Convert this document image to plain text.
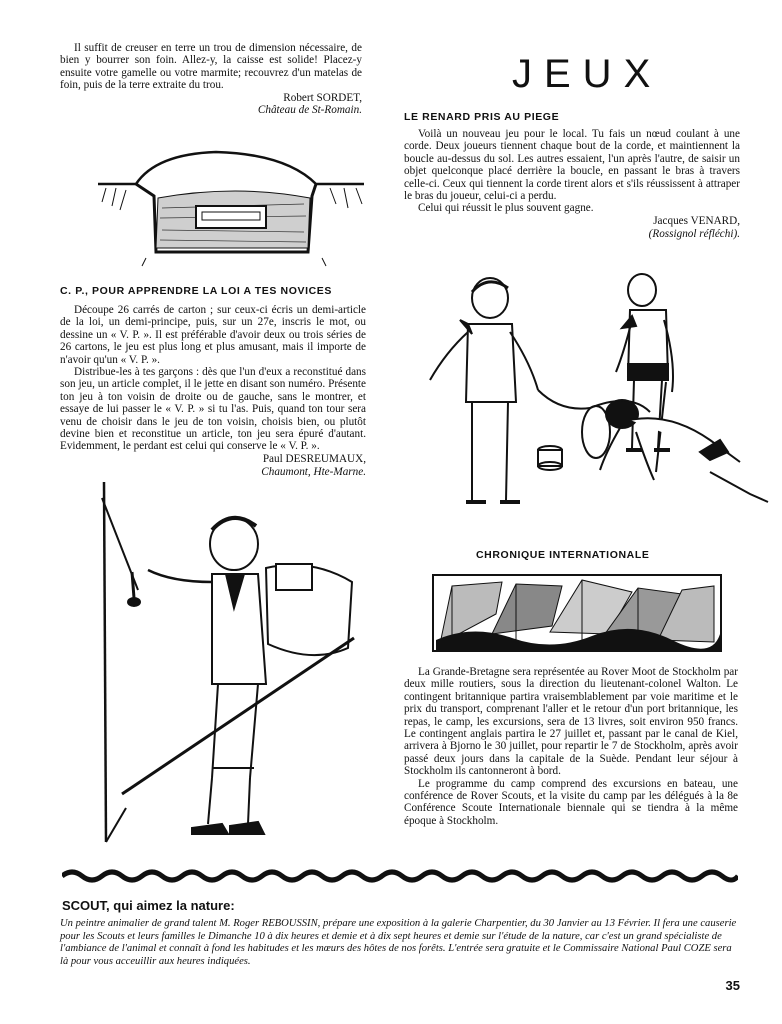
Il suffit de creuser en terre un trou de dimension nécessaire, de bien y bourrer son foin. Allez-y, la caisse est solide! Placez-y ensuite votre gamelle ou votre marmite; recouvrez d'un matelas de foin, puis de la terre extraite du trou.

Robert SORDET,
Château de St-Romain.
JEUX
LE RENARD PRIS AU PIEGE

Voilà un nouveau jeu pour le local. Tu fais un nœud coulant à une corde. Deux joueurs tiennent chaque bout de la corde, et maintiennent la boucle au-dessus du sol. Les autres essaient, l'un après l'autre, de saisir un objet quelconque placé derrière la boucle, en passant le bras à travers celle-ci. Ceux qui tiennent la corde tirent alors et s'ils réussissent à attraper le bras du joueur, celui-ci a perdu.

Celui qui réussit le plus souvent gagne.

Jacques VENARD,
(Rossignol réfléchi).
C. P., POUR APPRENDRE LA LOI A TES NOVICES

Découpe 26 carrés de carton ; sur ceux-ci écris un demi-article de la loi, un demi-principe, puis, sur un 27e, inscris le mot, ou dessine un « V. P. ». Il est préférable d'avoir deux ou trois séries de 26 cartons, le jeu est plus long et plus amusant, mais il importe de n'avoir qu'un « V. P. ».

Distribue-les à tes garçons : dès que l'un d'eux a reconstitué dans son jeu, un article complet, il le jette en disant son numéro. Présente ton jeu à ton voisin de droite ou de gauche, sans le montrer, et essaye de lui passer le « V. P. » si tu l'as. Puis, quand ton tour sera venu de choisir dans le jeu de ton voisin, choisis bien, ou plutôt devine bien et reconstitue un article, ton jeu sera épuré d'autant. Evidemment, le perdant est celui qui conserve le « V. P. ».

Paul DESREUMAUX,
Chaumont, Hte-Marne.
CHRONIQUE INTERNATIONALE

La Grande-Bretagne sera représentée au Rover Moot de Stockholm par deux mille routiers, sous la direction du lieutenant-colonel Walton. Le contingent britannique partira vraisemblablement par voie maritime et le prix du transport, comprenant l'aller et le retour d'un port britannique, les repas, le camp, les excursions, sera de 13 livres, soit environ 950 francs. Le contingent anglais partira le 27 juillet et, passant par le canal de Kiel, arrivera à Bjorno le 30 juillet, pour repartir le 7 de Stockholm, après avoir passé deux jours dans la capitale de la Suède. Pendant leur séjour à Stockholm ils cantonneront à bord.

Le programme du camp comprend des excursions en bateau, une conférence de Rover Scouts, et la visite du camp par les délégués à la 8e Conférence Scoute Internationale biennale qui se tiendra à la même époque à Stockholm.

SCOUT, qui aimez la nature:

Un peintre animalier de grand talent M. Roger REBOUSSIN, prépare une exposition à la galerie Charpentier, du 30 Janvier au 13 Février. Il fera une causerie pour les Scouts et leurs familles le Dimanche 10 à dix heures et demie et à dix sept heures et demie sur l'étude de la nature, car c'est un grand spécialiste de l'ambiance de l'animal et connaît à fond les habitudes et les mœurs des hôtes de nos forêts. L'entrée sera gratuite et le Commissaire National Paul COZE sera là pour vous acceuillir aux heures indiquées.

35
